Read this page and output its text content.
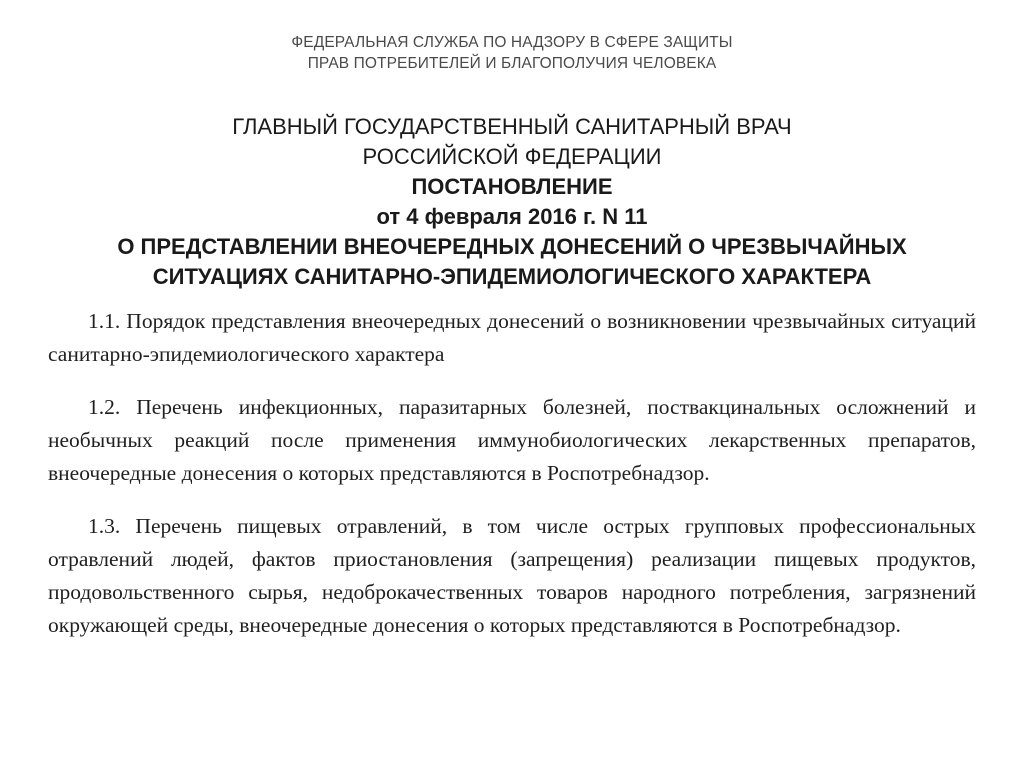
ФЕДЕРАЛЬНАЯ СЛУЖБА ПО НАДЗОРУ В СФЕРЕ ЗАЩИТЫ
ПРАВ ПОТРЕБИТЕЛЕЙ И БЛАГОПОЛУЧИЯ ЧЕЛОВЕКА
ГЛАВНЫЙ ГОСУДАРСТВЕННЫЙ САНИТАРНЫЙ ВРАЧ
РОССИЙСКОЙ ФЕДЕРАЦИИ
ПОСТАНОВЛЕНИЕ
от 4 февраля 2016 г. N 11
О ПРЕДСТАВЛЕНИИ ВНЕОЧЕРЕДНЫХ ДОНЕСЕНИЙ О ЧРЕЗВЫЧАЙНЫХ
СИТУАЦИЯХ САНИТАРНО-ЭПИДЕМИОЛОГИЧЕСКОГО ХАРАКТЕРА

1.1. Порядок представления внеочередных донесений о возникновении чрезвычайных ситуаций санитарно-эпидемиологического характера

1.2. Перечень инфекционных, паразитарных болезней, поствакцинальных осложнений и необычных реакций после применения иммунобиологических лекарственных препаратов, внеочередные донесения о которых представляются в Роспотребнадзор.

1.3. Перечень пищевых отравлений, в том числе острых групповых профессиональных отравлений людей, фактов приостановления (запрещения) реализации пищевых продуктов, продовольственного сырья, недоброкачественных товаров народного потребления, загрязнений окружающей среды, внеочередные донесения о которых представляются в Роспотребнадзор.
